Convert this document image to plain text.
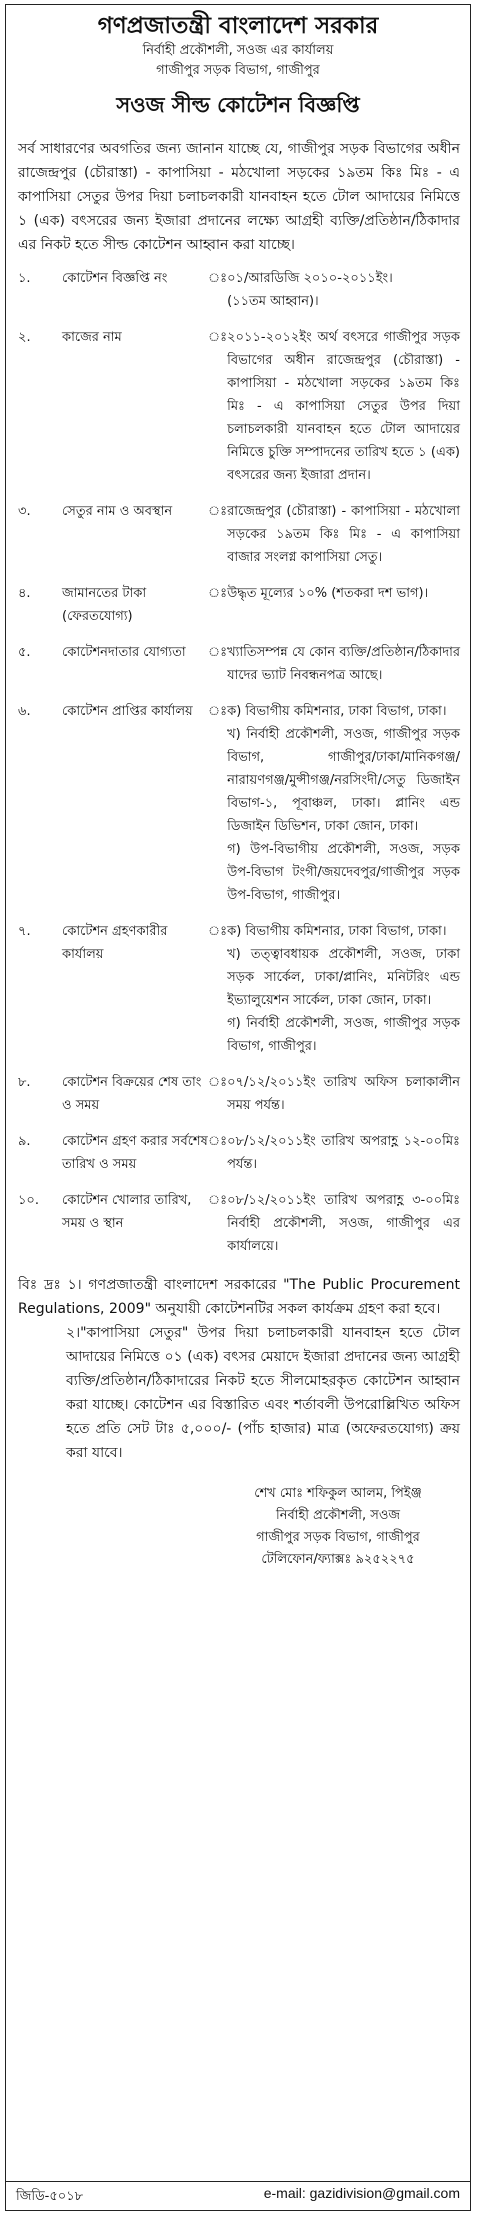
গণপ্রজাতন্ত্রী বাংলাদেশ সরকার
নির্বাহী প্রকৌশলী, সওজ এর কার্যালয়
গাজীপুর সড়ক বিভাগ, গাজীপুর
সওজ সীল্ড কোটেশন বিজ্ঞপ্তি
সর্ব সাধারণের অবগতির জন্য জানান যাচ্ছে যে, গাজীপুর সড়ক বিভাগের অধীন রাজেন্দ্রপুর (চৌরাস্তা) - কাপাসিয়া - মঠখোলা সড়কের ১৯তম কিঃ মিঃ - এ কাপাসিয়া সেতুর উপর দিয়া চলাচলকারী যানবাহন হতে টোল আদায়ের নিমিত্তে ১ (এক) বৎসরের জন্য ইজারা প্রদানের লক্ষ্যে আগ্রহী ব্যক্তি/প্রতিষ্ঠান/ঠিকাদার এর নিকট হতে সীল্ড কোটেশন আহ্বান করা যাচ্ছে।
১.	কোটেশন বিজ্ঞপ্তি নং	ঃ	০১/আরডিজি ২০১০-২০১১ইং।
(১১তম আহ্বান)।

২.	কাজের নাম	ঃ	২০১১-২০১২ইং অর্থ বৎসরে গাজীপুর সড়ক বিভাগের অধীন রাজেন্দ্রপুর (চৌরাস্তা) - কাপাসিয়া - মঠখোলা সড়কের ১৯তম কিঃ মিঃ - এ কাপাসিয়া সেতুর উপর দিয়া চলাচলকারী যানবাহন হতে টোল আদায়ের নিমিত্তে চুক্তি সম্পাদনের তারিখ হতে ১ (এক) বৎসরের জন্য ইজারা প্রদান।

৩.	সেতুর নাম ও অবস্থান	ঃ	রাজেন্দ্রপুর (চৌরাস্তা) - কাপাসিয়া - মঠখোলা সড়কের ১৯তম কিঃ মিঃ - এ কাপাসিয়া বাজার সংলগ্ন কাপাসিয়া সেতু।

৪.	জামানতের টাকা (ফেরতযোগ্য)	ঃ	উদ্ধৃত মূল্যের ১০% (শতকরা দশ ভাগ)।

৫.	কোটেশনদাতার যোগ্যতা	ঃ	খ্যাতিসম্পন্ন যে কোন ব্যক্তি/প্রতিষ্ঠান/ঠিকাদার যাদের ভ্যাট নিবন্ধনপত্র আছে।

৬.	কোটেশন প্রাপ্তির কার্যালয়	ঃ	ক) বিভাগীয় কমিশনার, ঢাকা বিভাগ, ঢাকা।
খ) নির্বাহী প্রকৌশলী, সওজ, গাজীপুর সড়ক বিভাগ, গাজীপুর/ঢাকা/মানিকগঞ্জ/নারায়ণগঞ্জ/মুন্সীগঞ্জ/নরসিংদী/সেতু ডিজাইন বিভাগ-১, পূবাঞ্চল, ঢাকা। প্লানিং এন্ড ডিজাইন ডিভিশন, ঢাকা জোন, ঢাকা।
গ) উপ-বিভাগীয় প্রকৌশলী, সওজ, সড়ক উপ-বিভাগ টংগী/জয়দেবপুর/গাজীপুর সড়ক উপ-বিভাগ, গাজীপুর।

৭.	কোটেশন গ্রহণকারীর কার্যালয়	ঃ	ক) বিভাগীয় কমিশনার, ঢাকা বিভাগ, ঢাকা।
খ) তত্ত্বাবধায়ক প্রকৌশলী, সওজ, ঢাকা সড়ক সার্কেল, ঢাকা/প্লানিং, মনিটরিং এন্ড ইভ্যালুয়েশন সার্কেল, ঢাকা জোন, ঢাকা।
গ) নির্বাহী প্রকৌশলী, সওজ, গাজীপুর সড়ক বিভাগ, গাজীপুর।

৮.	কোটেশন বিক্রয়ের শেষ তাং ও সময়	ঃ	০৭/১২/২০১১ইং তারিখ অফিস চলাকালীন সময় পর্যন্ত।

৯.	কোটেশন গ্রহণ করার সর্বশেষ তারিখ ও সময়	ঃ	০৮/১২/২০১১ইং তারিখ অপরাহ্ণ ১২-০০মিঃ পর্যন্ত।

১০.	কোটেশন খোলার তারিখ, সময় ও স্থান	ঃ	০৮/১২/২০১১ইং তারিখ অপরাহ্ণ ৩-০০মিঃ নির্বাহী প্রকৌশলী, সওজ, গাজীপুর এর কার্যালয়ে।
বিঃ দ্রঃ ১। গণপ্রজাতন্ত্রী বাংলাদেশ সরকারের "The Public Procurement Regulations, 2009" অনুযায়ী কোটেশনটির সকল কার্যক্রম গ্রহণ করা হবে।
২।"কাপাসিয়া সেতুর" উপর দিয়া চলাচলকারী যানবাহন হতে টোল আদায়ের নিমিত্তে ০১ (এক) বৎসর মেয়াদে ইজারা প্রদানের জন্য আগ্রহী ব্যক্তি/প্রতিষ্ঠান/ঠিকাদারের নিকট হতে সীলমোহরকৃত কোটেশন আহ্বান করা যাচ্ছে। কোটেশন এর বিস্তারিত এবং শর্তাবলী উপরোল্লিখিত অফিস হতে প্রতি সেট টাঃ ৫,০০০/- (পাঁচ হাজার) মাত্র (অফেরতযোগ্য) ক্রয় করা যাবে।
শেখ মোঃ শফিকুল আলম, পিইঞ্জ
নির্বাহী প্রকৌশলী, সওজ
গাজীপুর সড়ক বিভাগ, গাজীপুর
টেলিফোন/ফ্যাক্সঃ ৯২৫২২৭৫
জিডি-৫০১৮	e-mail: gazidivision@gmail.com
